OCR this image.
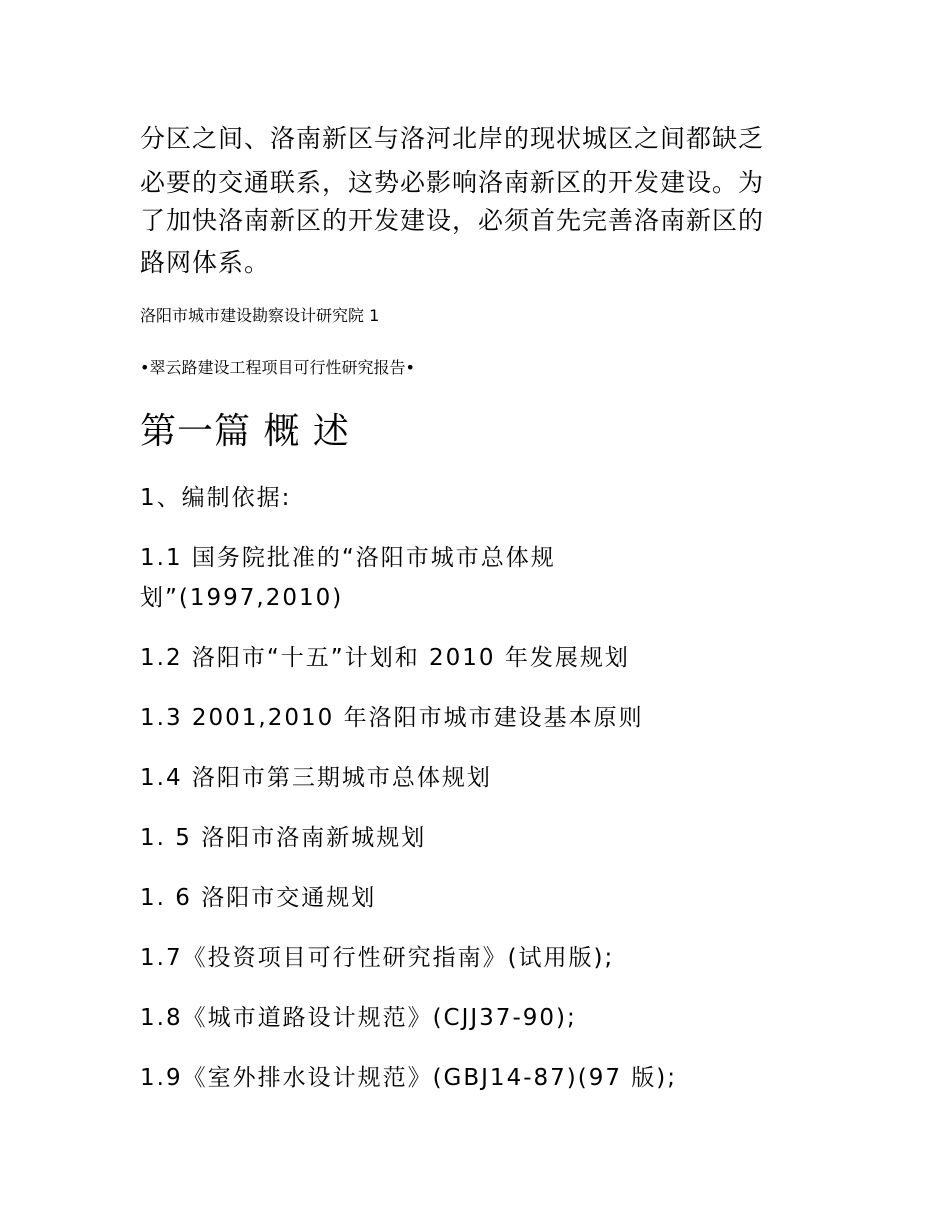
分区之间、洛南新区与洛河北岸的现状城区之间都缺乏
必要的交通联系，这势必影响洛南新区的开发建设。为
了加快洛南新区的开发建设，必须首先完善洛南新区的
路网体系。
洛阳市城市建设勘察设计研究院 1
•翠云路建设工程项目可行性研究报告•
第一篇 概 述
1、编制依据:
1.1 国务院批准的“洛阳市城市总体规
划”(1997,2010)
1.2 洛阳市“十五”计划和 2010 年发展规划
1.3 2001,2010 年洛阳市城市建设基本原则
1.4 洛阳市第三期城市总体规划
1. 5 洛阳市洛南新城规划
1. 6 洛阳市交通规划
1.7《投资项目可行性研究指南》(试用版);
1.8《城市道路设计规范》(CJJ37-90);
1.9《室外排水设计规范》(GBJ14-87)(97 版);
